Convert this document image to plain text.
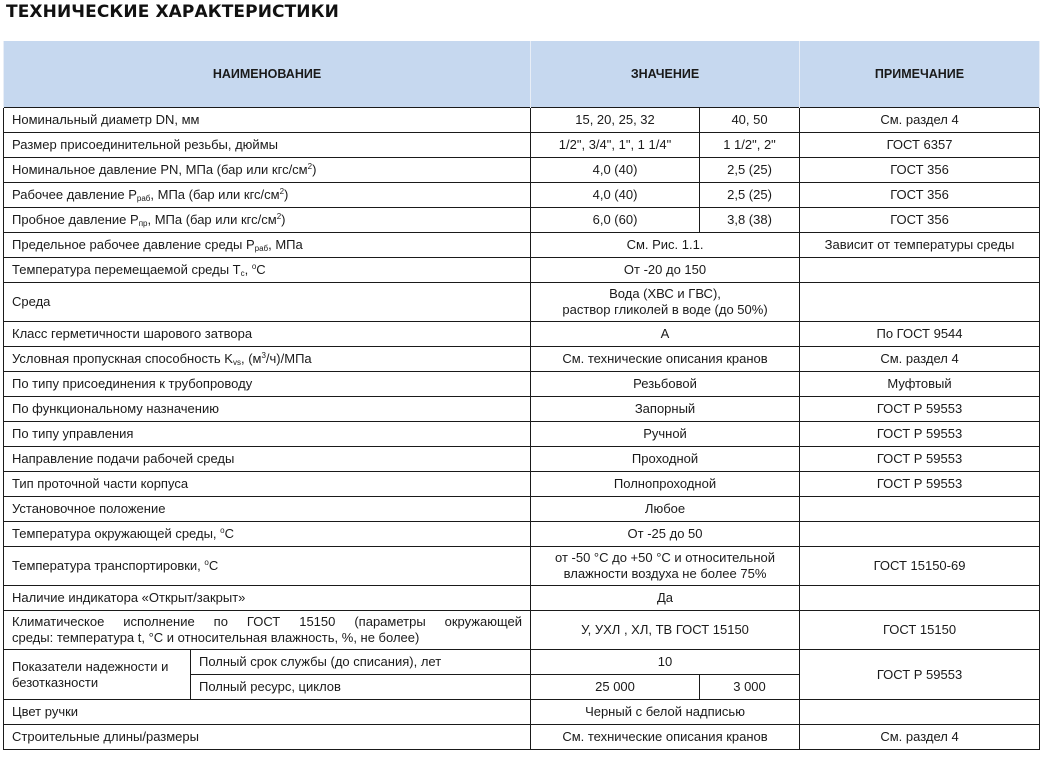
ТЕХНИЧЕСКИЕ ХАРАКТЕРИСТИКИ
НАИМЕНОВАНИЕ		ЗНАЧЕНИЕ		ПРИМЕЧАНИЕ
Номинальный диаметр DN, мм		15, 20, 25, 32	40, 50	См. раздел 4
Размер присоединительной резьбы, дюймы		1/2", 3/4", 1", 1 1/4"	1 1/2", 2"	ГОСТ 6357
Номинальное давление PN, МПа (бар или кгс/$см^2$)		4,0 (40)	2,5 (25)	ГОСТ 356
Рабочее давление $P_{раб}$, МПа (бар или кгс/$см^2$)		4,0 (40)	2,5 (25)	ГОСТ 356
Пробное давление $P_{пр}$, МПа (бар или кгс/$см^2$)		6,0 (60)	3,8 (38)	ГОСТ 356
Предельное рабочее давление среды $P_{раб}$, МПа		См. Рис. 1.1.		Зависит от температуры среды
Температура перемещаемой среды $T_c$, $^o$C		От -20 до 150		
Среда		Вода (ХВС и ГВС),
раствор гликолей в воде (до 50%)		

Класс герметичности шарового затвора		А		По ГОСТ 9544
Условная пропускная способность $K_{vs}$, $(м^3/ч)$/МПа		См. технические описания кранов		См. раздел 4
По типу присоединения к трубопроводу		Резьбовой		Муфтовый
По функциональному назначению		Запорный		ГОСТ Р 59553
По типу управления		Ручной		ГОСТ Р 59553
Направление подачи рабочей среды		Проходной		ГОСТ Р 59553
Тип проточной части корпуса		Полнопроходной		ГОСТ Р 59553
Установочное положение		Любое		
Температура окружающей среды, $^o$C		От -25 до 50		
Температура транспортировки, $^o$C		от -50 °С до +50 °С и относительной
влажности воздуха не более 75%		ГОСТ 15150-69
Наличие индикатора «Открыт/закрыт»		Да		

Климатическое исполнение по ГОСТ 15150 (параметры окружающей
среды: температура t, °С и относительная влажность, %, не более)		У, УХЛ , ХЛ, ТВ ГОСТ 15150		ГОСТ 15150
Показатели надежности и безотказности	Полный срок службы (до списания), лет	10		ГОСТ Р 59553
	Полный ресурс, циклов	25 000	3 000	
Цвет ручки		Черный с белой надписью		
Строительные длины/размеры		См. технические описания кранов		См. раздел 4
